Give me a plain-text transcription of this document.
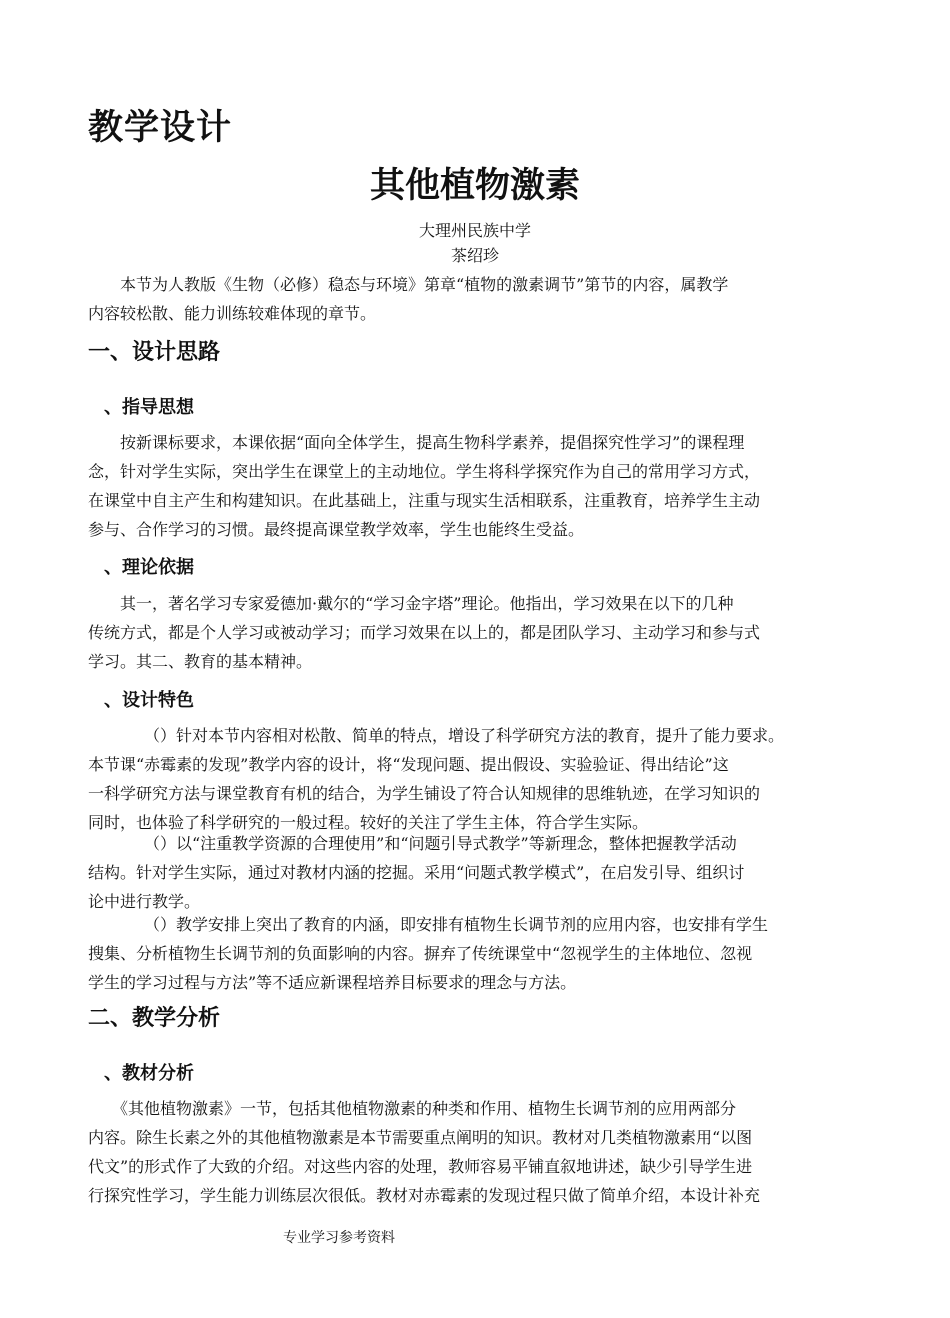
教学设计
其他植物激素
大理州民族中学
茶绍珍

　　本节为人教版《生物（必修）稳态与环境》第章“植物的激素调节”第节的内容，属教学
内容较松散、能力训练较难体现的章节。

一、设计思路
、指导思想

　　按新课标要求，本课依据“面向全体学生，提高生物科学素养，提倡探究性学习”的课程理
念，针对学生实际，突出学生在课堂上的主动地位。学生将科学探究作为自己的常用学习方式，
在课堂中自主产生和构建知识。在此基础上，注重与现实生活相联系，注重教育，培养学生主动
参与、合作学习的习惯。最终提高课堂教学效率，学生也能终生受益。

、理论依据

　　其一，著名学习专家爱德加·戴尔的“学习金字塔”理论。他指出，学习效果在以下的几种
传统方式，都是个人学习或被动学习；而学习效果在以上的，都是团队学习、主动学习和参与式
学习。其二、教育的基本精神。

、设计特色

　　　　（）针对本节内容相对松散、简单的特点，增设了科学研究方法的教育，提升了能力要求。
本节课“赤霉素的发现”教学内容的设计，将“发现问题、提出假设、实验验证、得出结论”这
一科学研究方法与课堂教育有机的结合，为学生铺设了符合认知规律的思维轨迹，在学习知识的
同时，也体验了科学研究的一般过程。较好的关注了学生主体，符合学生实际。

　　　　（）以“注重教学资源的合理使用”和“问题引导式教学”等新理念，整体把握教学活动
结构。针对学生实际，通过对教材内涵的挖掘。采用“问题式教学模式”，在启发引导、组织讨
论中进行教学。

　　　　（）教学安排上突出了教育的内涵，即安排有植物生长调节剂的应用内容，也安排有学生
搜集、分析植物生长调节剂的负面影响的内容。摒弃了传统课堂中“忽视学生的主体地位、忽视
学生的学习过程与方法”等不适应新课程培养目标要求的理念与方法。

二、教学分析
、教材分析

　　《其他植物激素》一节，包括其他植物激素的种类和作用、植物生长调节剂的应用两部分
内容。除生长素之外的其他植物激素是本节需要重点阐明的知识。教材对几类植物激素用“以图
代文”的形式作了大致的介绍。对这些内容的处理，教师容易平铺直叙地讲述，缺少引导学生进
行探究性学习，学生能力训练层次很低。教材对赤霉素的发现过程只做了简单介绍，本设计补充

专业学习参考资料
